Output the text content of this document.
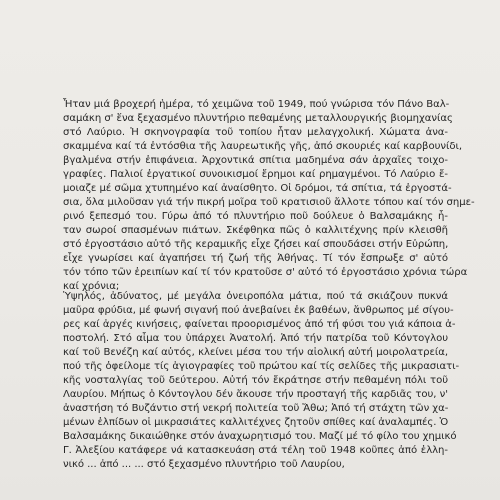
Ἦταν μιά βροχερή ἡμέρα, τό χειμῶνα τοῦ 1949, πού γνώρισα τόν Πάνο Βαλ-
σαμάκη σ' ἕνα ξεχασμένο πλυντήριο πεθαμένης μεταλλουργικής βιομηχανίας
στό Λαύριο. Ἡ σκηνογραφία τοῦ τοπίου ἦταν μελαγχολική. Χώματα ἀνα-
σκαμμένα καί τά ἐντόσθια τῆς λαυρεωτικῆς γῆς, ἀπό σκουριές καί καρβουνίδι,
βγαλμένα στήν ἐπιφάνεια. Ἀρχοντικά σπίτια μαδημένα σάν ἀρχαῖες τοιχο-
γραφίες. Παλιοί ἐργατικοί συνοικισμοί ἔρημοι καί ρημαγμένοι. Τό Λαύριο ἔ-
μοιαζε μέ σῶμα χτυπημένο καί ἀναίσθητο. Οἱ δρόμοι, τά σπίτια, τά ἐργοστά-
σια, ὅλα μιλοῦσαν γιά τήν πικρή μοῖρα τοῦ κρατισιοῦ ἄλλοτε τόπου καί τόν σημε-
ρινό ξεπεσμό του. Γύρω ἀπό τό πλυντήριο ποῦ δούλευε ὁ Βαλσαμάκης ἦ-
ταν σωροί σπασμένων πιάτων. Σκέφθηκα πῶς ὁ καλλιτέχνης πρίν κλεισθῆ
στό ἐργοστάσιο αὐτό τῆς κεραμικῆς εἶχε ζήσει καί σπουδάσει στήν Εὐρώπη,
εἶχε γνωρίσει καί ἀγαπήσει τή ζωή τῆς Ἀθήνας. Τί τόν ἔσπρωξε σ' αὐτό
τόν τόπο τῶν ἐρειπίων καί τί τόν κρατοῦσε σ' αὐτό τό ἐργοστάσιο χρόνια τώρα
καί χρόνια;
Ὑψηλός, ἀδύνατος, μέ μεγάλα ὀνειροπόλα μάτια, πού τά σκιάζουν πυκνά
μαῦρα φρύδια, μέ φωνή σιγανή πού ἀνεβαίνει ἐκ βαθέων, ἄνθρωπος μέ σίγου-
ρες καί ἀργές κινήσεις, φαίνεται προορισμένος ἀπό τή φύσι του γιά κάποια ἀ-
ποστολή. Στό αἷμα του ὑπάρχει Ἀνατολή. Ἀπό τήν πατρίδα τοῦ Κόντογλου
καί τοῦ Βενέζη καί αὐτός, κλείνει μέσα του τήν αἰολική αὐτή μοιρολατρεία,
πού τῆς ὀφείλομε τίς ἁγιογραφίες τοῦ πρώτου καί τίς σελίδες τῆς μικρασιατι-
κῆς νοσταλγίας τοῦ δεύτερου. Αὐτή τόν ἔκράτησε στήν πεθαμένη πόλι τοῦ
Λαυρίου. Μήπως ὁ Κόντογλου δέν ἄκουσε τήν προσταγή τῆς καρδιᾶς του, ν'
ἀναστήση τό Βυζάντιο στή νεκρή πολιτεία τοῦ Ἄθω; Ἀπό τή στάχτη τῶν χα-
μένων ἐλπίδων οἱ μικρασιάτες καλλιτέχνες ζητοῦν σπίθες καί ἀναλαμπές. Ὁ
Βαλσαμάκης δικαιώθηκε στόν ἀναχωρητισμό του. Μαζί μέ τό φίλο του χημικό
Γ. Ἀλεξίου κατάφερε νά κατασκευάση στά τέλη τοῦ 1948 κοῦπες ἀπό ἑλλη-
νικό ... ἀπό ... ... στό ξεχασμένο πλυντήριο τοῦ Λαυρίου,
